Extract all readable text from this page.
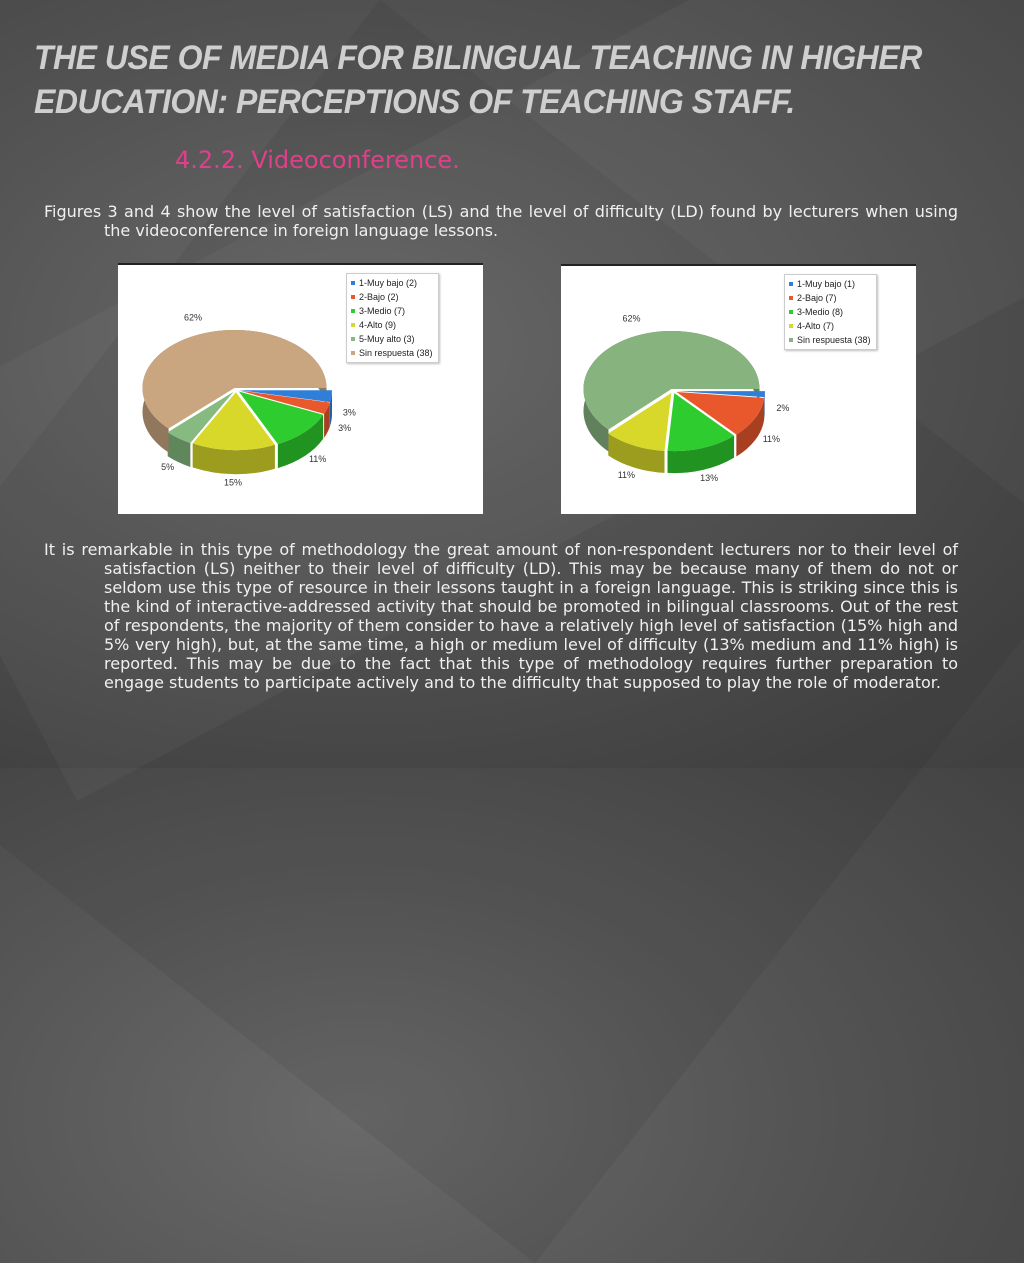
THE USE OF MEDIA FOR BILINGUAL TEACHING IN HIGHER EDUCATION: PERCEPTIONS OF TEACHING STAFF.
4.2.2. Videoconference.
Figures 3 and 4 show the level of satisfaction (LS) and the level of difficulty (LD) found by lecturers when using the videoconference in foreign language lessons.
3%
3%
11%
15%
5%
62%
1-Muy bajo (2)
2-Bajo (2)
3-Medio (7)
4-Alto (9)
5-Muy alto (3)
Sin respuesta (38)
2%
11%
13%
11%
62%
1-Muy bajo (1)
2-Bajo (7)
3-Medio (8)
4-Alto (7)
Sin respuesta (38)
It is remarkable in this type of methodology the great amount of non-respondent lecturers nor to their level of satisfaction (LS) neither to their level of difficulty (LD). This may be because many of them do not or seldom use this type of resource in their lessons taught in a foreign language. This is striking since this is the kind of interactive-addressed activity that should be promoted in bilingual classrooms. Out of the rest of respondents, the majority of them consider to have a relatively high level of satisfaction (15% high and 5% very high), but, at the same time, a high or medium level of difficulty (13% medium and 11% high) is reported. This may be due to the fact that this type of methodology requires further preparation to engage students to participate actively and to the difficulty that supposed to play the role of moderator.
